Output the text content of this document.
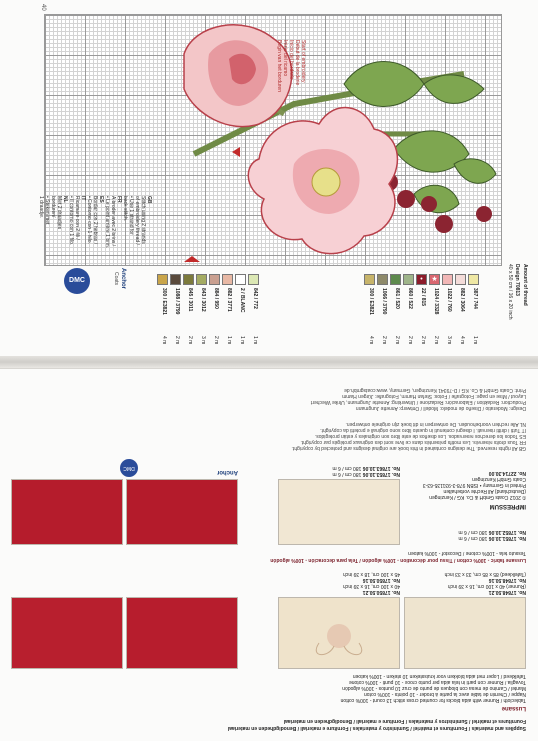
40
Start of embroidery
Début de la broderie
Inicio del bordado
Inizio del ricamo
Begin van het borduren
GB
Stitch using 2 strands
of embroidery thread /
• Use 1 strand for
back stitch.
FR
A broder avec 2 brins /
• Le point arrière 1 brin.
ES
Bordar con 2 hebras /
• Contorno con 1 hilo.
IT
Ricamare con 2 fili /
• Il contorno con 1 filo.
NL
Met 2 draadjes
borduren/
• Steken met
1 draadje.
Amount of thread
Design 70813
40 x 50 cm / 16 x 20 inch
387 / 744
1 m
882 / 3064
4 m
1022 / 760
3 m
★
1024 / 3328
2 m
•
22 / 815
2 m
860 / 522
2 m
861 / 520
2 m
1066 / 3790
2 m
300 / E3821
4 m
842 / 772
1 m
2 / BLANC
1 m
882 / 3771
1 m
884 / 950
2 m
843 / 3012
3 m
845 / 3011
2 m
1088 / 3799
2 m
300 / E3821
4 m
Anchor
Coats
DMC
Supplies and materials / Fournitures et matériel / Suministro y materiales / Forniture e materiali / Benodigdheden en materiaal
Fournitures et matériel / Suministros y materiales / Forniture e materiali / Benodigdheden en materiaal
Lussane
Tablecloth / Runner with aida blocks for counted cross stitch 13 count - 100% cotton
Nappe / Chemin de table avec la partie à broder - 10 points - 100% coton
Mantel / Camino de mesa con bloques de punto de cruz 10 puntos - 100% algodón
Tovaglia / Runner con parti in tela aida per punto croce - 10 punti - 100% cotone
Tafelkleed / Loper met aida blokken voor kruissteken 10 steken - 100% katoen
No. 17848.50.21
(Runner) 40 x 100 cm, 16 x 39 inch
No. 17848.50.16
(Tafelkleed) 85 x 85 cm, 33 x 33 inch
No. 17850.50.21
40 x 100 cm, 16 x 39 inch
No. 17850.50.16
45 x 100 cm, 18 x 39 inch
Lussane fabric - 100% cotton / Tissu pour décoration - 100% algodón / Tela para decoración - 100% algodón
Tessuto tela - 100% cotone / Decostof - 100% katoen
No. 17851.10.06 180 cm / 6 m
No. 17852.10.06 180 cm / 6 m
No. 17853.10.06 180 cm / 6 m
No. 17863.10.06 180 cm / 6 m
Anchor
DMC
IMPRESSUM
© 2012 Coats GmbH & Co. KG / Kenzingen (Deutschland) All Rechte vorbehalten
Printed in Germany • ISBN 978-3-931135-63-3
Coats GmbH Kenzingen
No. 22714.30.00
GB All rights reserved. The designs contained in this book are original designs and protected by copyright.
FR Tous droits réservés. Les motifs présentés dans ce livre sont des originaux protégés par copyright.
ES Todos los derechos reservados. Los diseños de este libro son originales y están protegidos.
IT Tutti i diritti riservati. I disegni contenuti in questo libro sono originali e protetti da copyright.
NL Alle rechten voorbehouden. De ontwerpen in dit boek zijn originele ontwerpen.
Design: Moderatio / Diseño de modelo: Modell / Ontwerp: Annette Jungmann
Production: Redaktion / Elaboración: Redazione / Uitwerking: Annette Jungmann, Ulrike Wiechert
Layout / Mise en page: Fotografie / Fotos: Stefan Hamm, Fotografie: Jürgen Hamm
Print: Coats GmbH & Co. KG / D-79341 Kenzingen, Germany, www.coatsgmbh.de
